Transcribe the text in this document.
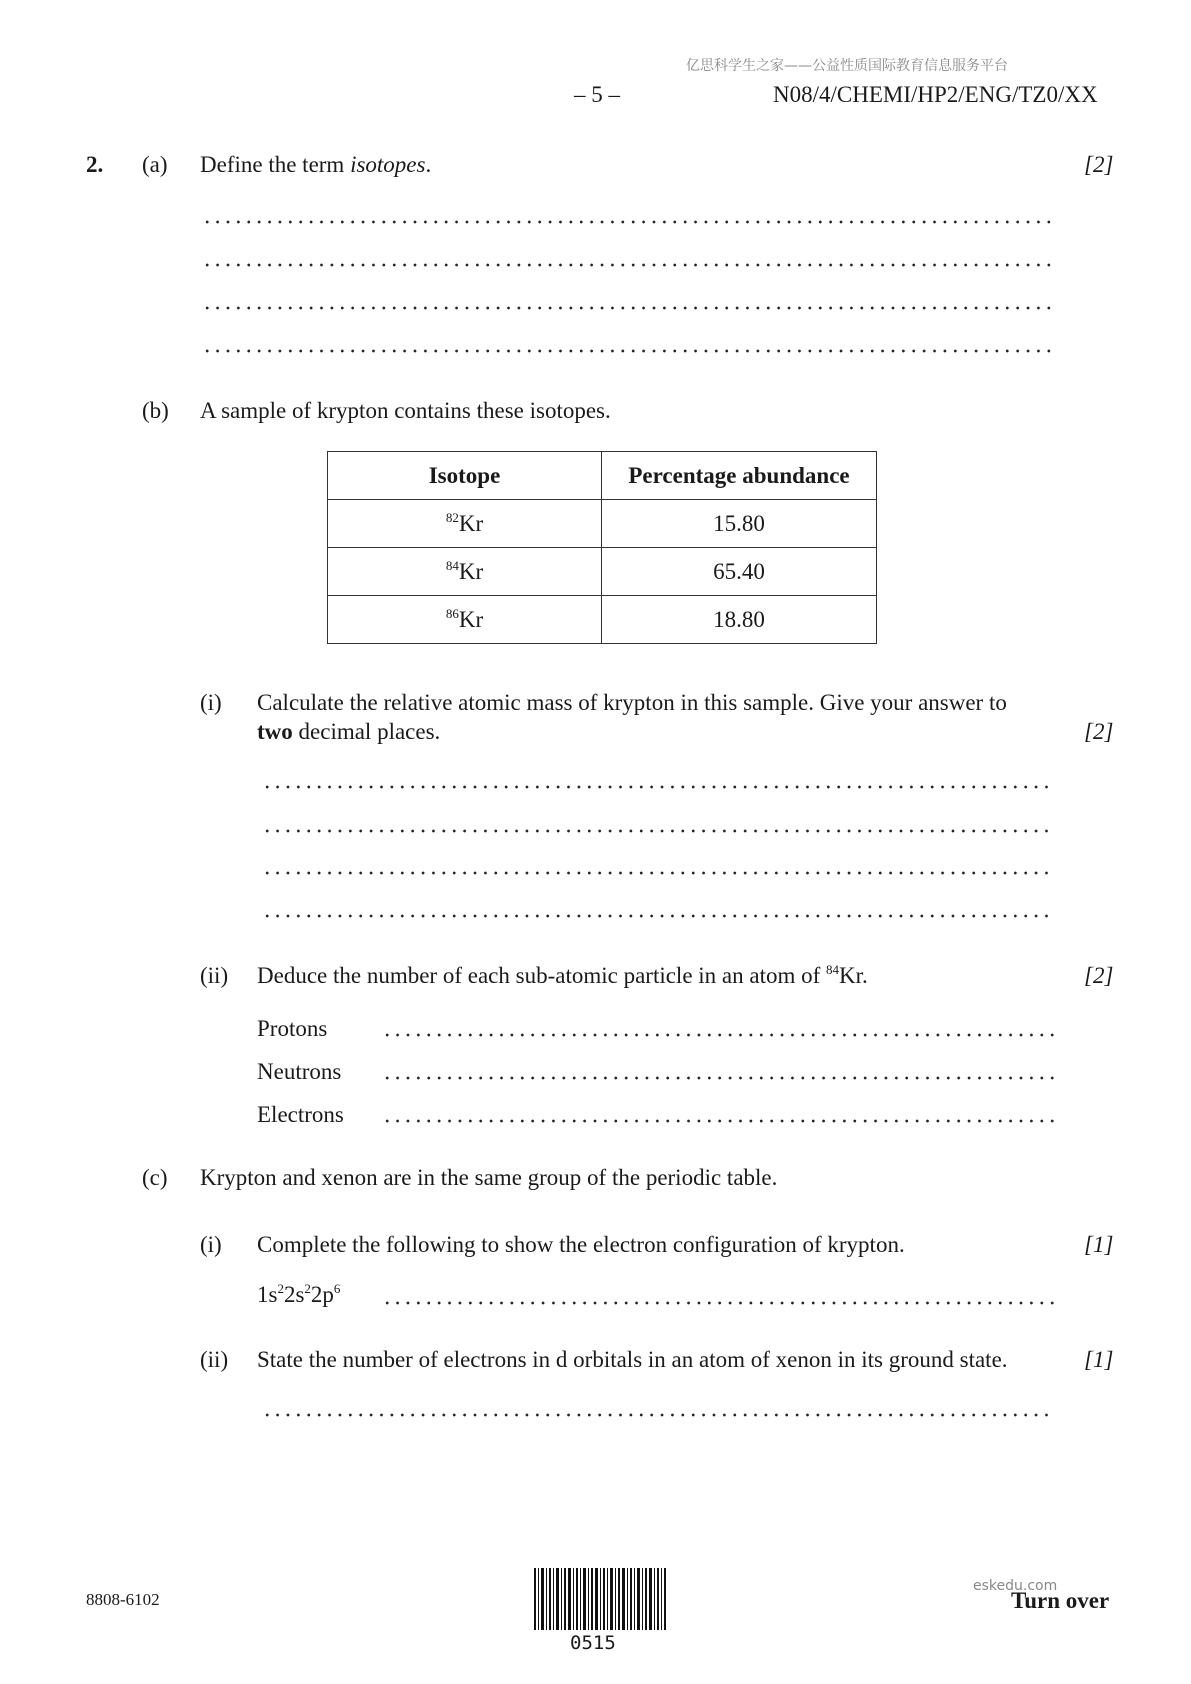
亿思科学生之家——公益性质国际教育信息服务平台
– 5 –	N08/4/CHEMI/HP2/ENG/TZ0/XX
2. (a) Define the term isotopes.	[2]
(b) A sample of krypton contains these isotopes.
Isotope	Percentage abundance
$^{82}$Kr	15.80
$^{84}$Kr	65.40
$^{86}$Kr	18.80
(i) Calculate the relative atomic mass of krypton in this sample. Give your answer to
two decimal places.	[2]
(ii) Deduce the number of each sub-atomic particle in an atom of $^{84}$Kr.	[2]
Protons
Neutrons
Electrons
(c) Krypton and xenon are in the same group of the periodic table.
(i) Complete the following to show the electron configuration of krypton.	[1]
$1s^22s^22p^6$
(ii) State the number of electrons in d orbitals in an atom of xenon in its ground state.	[1]
8808-6102
0515
eskedu.com
Turn over
